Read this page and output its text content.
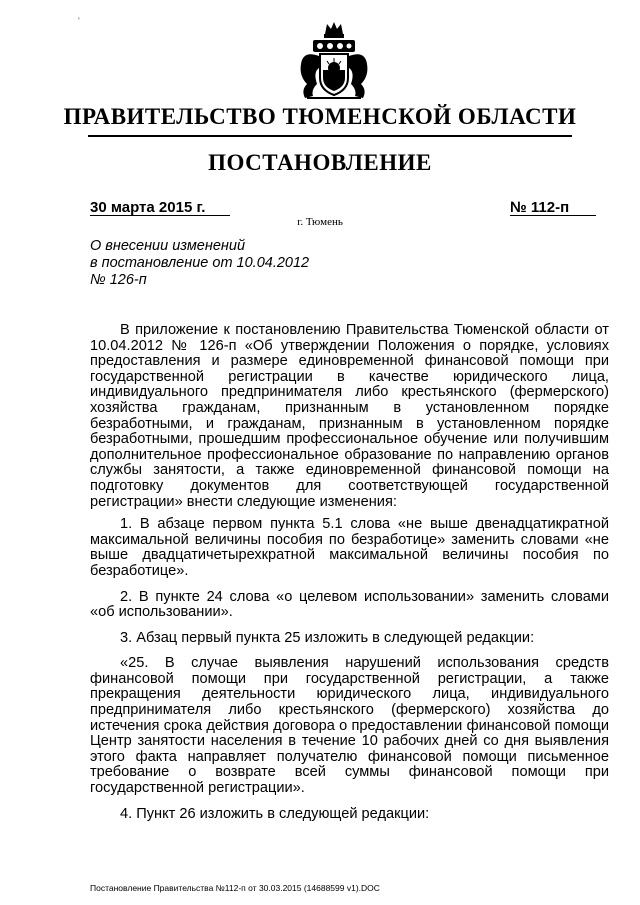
'
ПРАВИТЕЛЬСТВО ТЮМЕНСКОЙ ОБЛАСТИ
ПОСТАНОВЛЕНИЕ
30 марта 2015 г.	№ 112-п
г. Тюмень
О внесении изменений
в постановление от 10.04.2012
№ 126-п

В приложение к постановлению Правительства Тюменской области от 10.04.2012 № 126-п «Об утверждении Положения о порядке, условиях предоставления и размере единовременной финансовой помощи при государственной регистрации в качестве юридического лица, индивидуального предпринимателя либо крестьянского (фермерского) хозяйства гражданам, признанным в установленном порядке безработными, и гражданам, признанным в установленном порядке безработными, прошедшим профессиональное обучение или получившим дополнительное профессиональное образование по направлению органов службы занятости, а также единовременной финансовой помощи на подготовку документов для соответствующей государственной регистрации» внести следующие изменения:

1. В абзаце первом пункта 5.1 слова «не выше двенадцатикратной максимальной величины пособия по безработице» заменить словами «не выше двадцатичетырехкратной максимальной величины пособия по безработице».

2. В пункте 24 слова «о целевом использовании» заменить словами «об использовании».

3. Абзац первый пункта 25 изложить в следующей редакции:

«25. В случае выявления нарушений использования средств финансовой помощи при государственной регистрации, а также прекращения деятельности юридического лица, индивидуального предпринимателя либо крестьянского (фермерского) хозяйства до истечения срока действия договора о предоставлении финансовой помощи Центр занятости населения в течение 10 рабочих дней со дня выявления этого факта направляет получателю финансовой помощи письменное требование о возврате всей суммы финансовой помощи при государственной регистрации».

4. Пункт 26 изложить в следующей редакции:

Постановление Правительства №112-п от 30.03.2015 (14688599 v1).DOC
